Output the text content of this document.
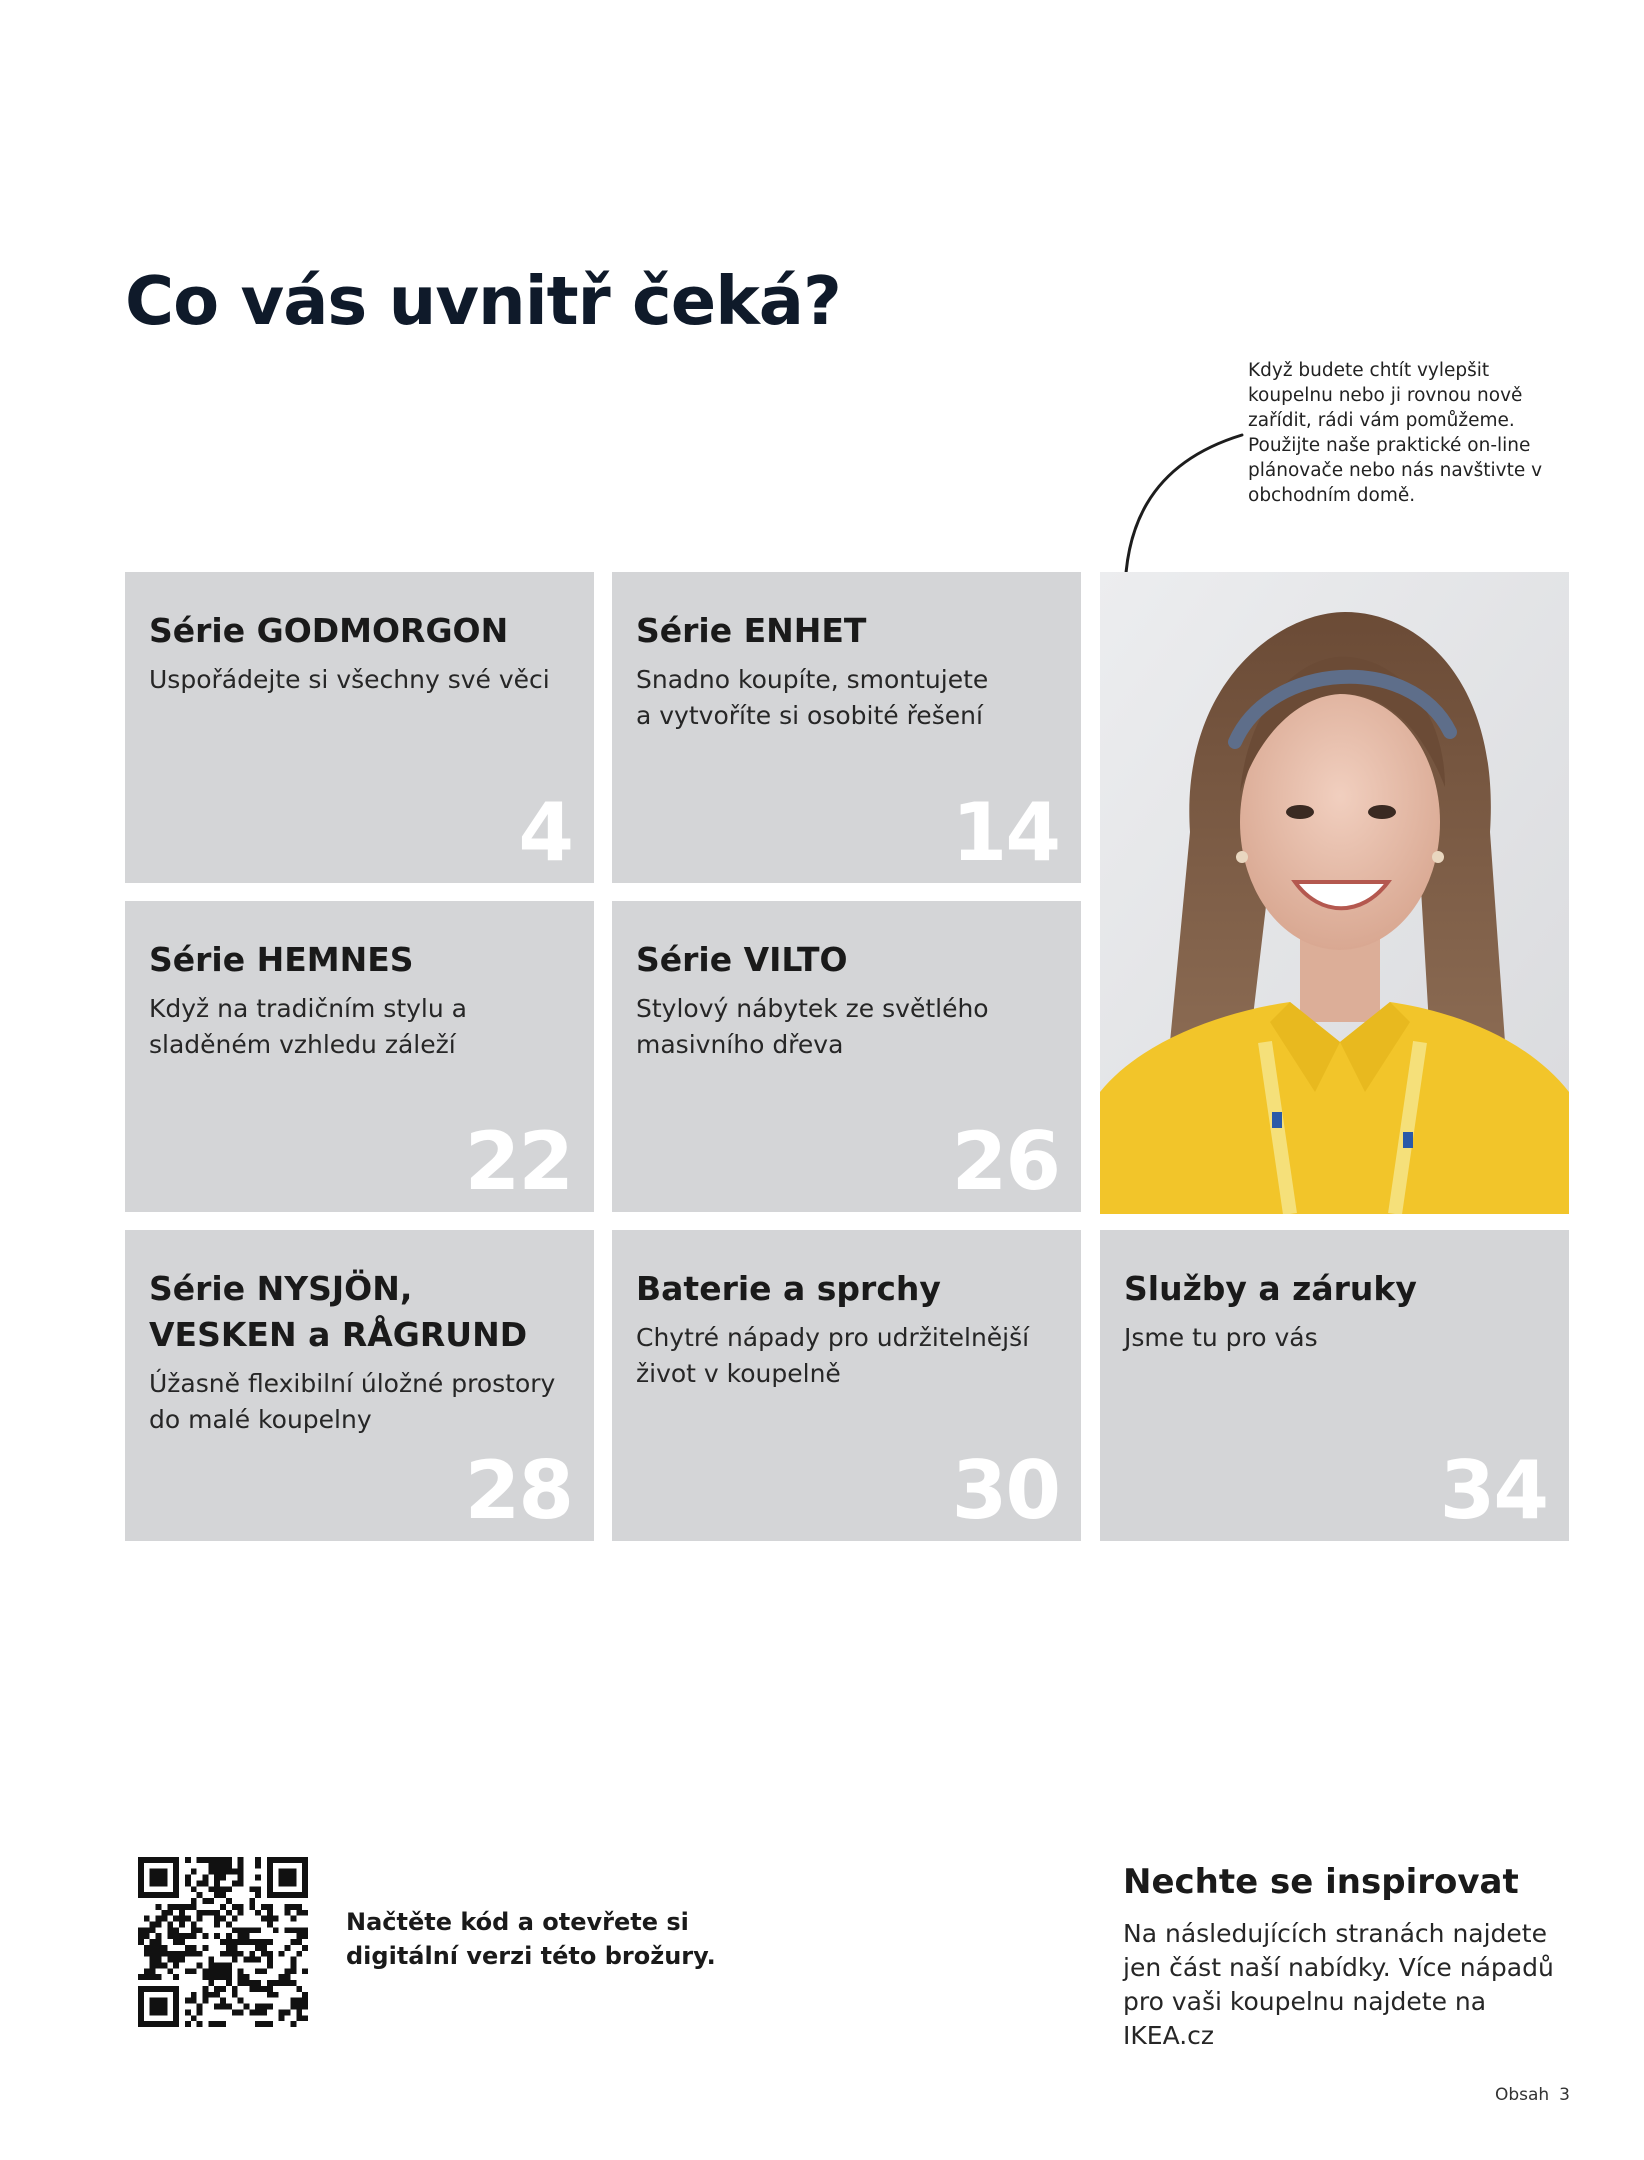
Co vás uvnitř čeká?

Když budete chtít vylepšit koupelnu nebo ji rovnou nově zařídit, rádi vám pomůžeme. Použijte naše praktické on-line plánovače nebo nás navštivte v obchodním domě.

Série GODMORGON

Uspořádejte si všechny své věci

4
Série ENHET

Snadno koupíte, smontujete a vytvoříte si osobité řešení

14
Série HEMNES

Když na tradičním stylu a sladěném vzhledu záleží

22
Série VILTO

Stylový nábytek ze světlého masivního dřeva

26
Série NYSJÖN, VESKEN a RÅGRUND

Úžasně flexibilní úložné prostory do malé koupelny

28
Baterie a sprchy

Chytré nápady pro udržitelnější život v koupelně

30
Služby a záruky

Jsme tu pro vás

34

Načtěte kód a otevřete si digitální verzi této brožury.

Nechte se inspirovat

Na následujících stranách najdete jen část naší nabídky. Více nápadů pro vaši koupelnu najdete na IKEA.cz

Obsah 3
